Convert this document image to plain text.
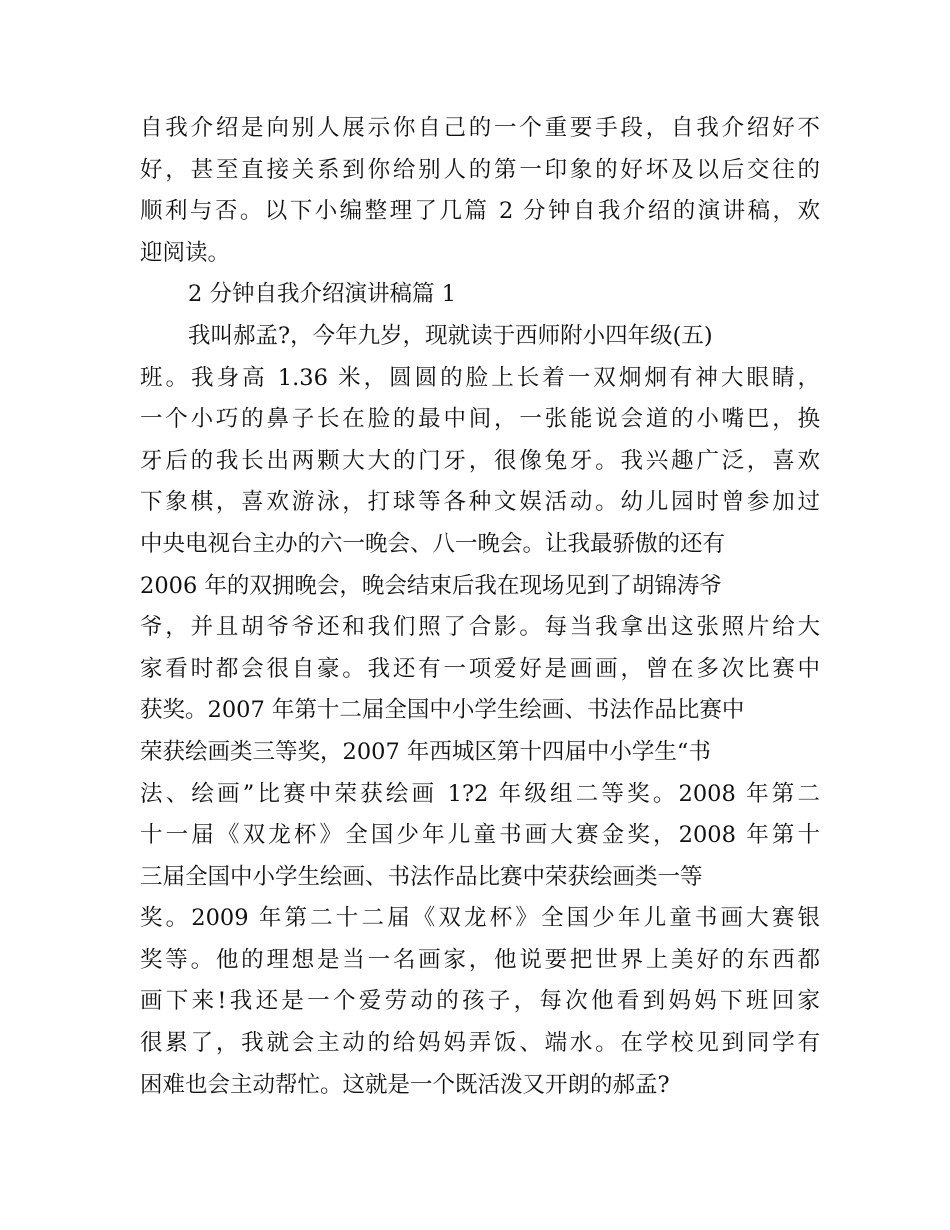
自我介绍是向别人展示你自己的一个重要手段，自我介绍好不
好，甚至直接关系到你给别人的第一印象的好坏及以后交往的
顺利与否。以下小编整理了几篇 2 分钟自我介绍的演讲稿，欢
迎阅读。
2 分钟自我介绍演讲稿篇 1
我叫郝孟?，今年九岁，现就读于西师附小四年级(五)
班。我身高 1.36 米，圆圆的脸上长着一双炯炯有神大眼睛，
一个小巧的鼻子长在脸的最中间，一张能说会道的小嘴巴，换
牙后的我长出两颗大大的门牙，很像兔牙。我兴趣广泛，喜欢
下象棋，喜欢游泳，打球等各种文娱活动。幼儿园时曾参加过
中央电视台主办的六一晚会、八一晚会。让我最骄傲的还有
2006 年的双拥晚会，晚会结束后我在现场见到了胡锦涛爷
爷，并且胡爷爷还和我们照了合影。每当我拿出这张照片给大
家看时都会很自豪。我还有一项爱好是画画，曾在多次比赛中
获奖。2007 年第十二届全国中小学生绘画、书法作品比赛中
荣获绘画类三等奖，2007 年西城区第十四届中小学生“书
法、绘画”比赛中荣获绘画 1?2 年级组二等奖。2008 年第二
十一届《双龙杯》全国少年儿童书画大赛金奖，2008 年第十
三届全国中小学生绘画、书法作品比赛中荣获绘画类一等
奖。2009 年第二十二届《双龙杯》全国少年儿童书画大赛银
奖等。他的理想是当一名画家，他说要把世界上美好的东西都
画下来!我还是一个爱劳动的孩子，每次他看到妈妈下班回家
很累了，我就会主动的给妈妈弄饭、端水。在学校见到同学有
困难也会主动帮忙。这就是一个既活泼又开朗的郝孟?
